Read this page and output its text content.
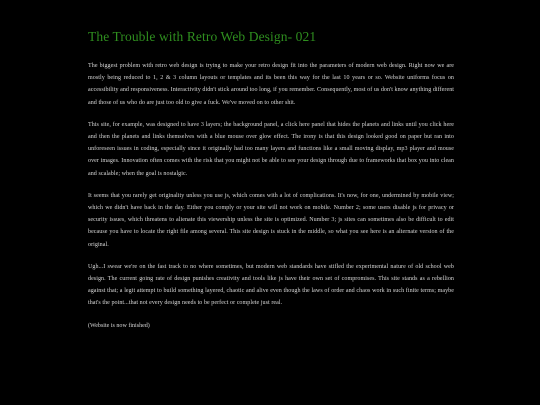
The Trouble with Retro Web Design- 021

The biggest problem with retro web design is trying to make your retro design fit into the parameters of modern web design. Right now we are mostly being reduced to 1, 2 & 3 column layouts or templates and its been this way for the last 10 years or so. Website uniforms focus on accessibility and responsiveness. Interactivity didn't stick around too long, if you remember. Consequently, most of us don't know anything different and those of us who do are just too old to give a fuck. We've moved on to other shit.

This site, for example, was designed to have 3 layers; the background panel, a click here panel that hides the planets and links until you click here and then the planets and links themselves with a blue mouse over glow effect. The irony is that this design looked good on paper but ran into unforeseen issues in coding, especially since it originally had too many layers and functions like a small moving display, mp3 player and mouse over images. Innovation often comes with the risk that you might not be able to see your design through due to frameworks that box you into clean and scalable; when the goal is nostalgic.

It seems that you rarely get originality unless you use js, which comes with a lot of complications. It's now, for one, undermined by mobile view; which we didn't have back in the day. Either you comply or your site will not work on mobile. Number 2; some users disable js for privacy or security issues, which threatens to alienate this viewership unless the site is optimized. Number 3; js sites can sometimes also be difficult to edit because you have to locate the right file among several. This site design is stuck in the middle, so what you see here is an alternate version of the original.

Ugh...I swear we're on the fast track to no where sometimes, but modern web standards have stifled the experimental nature of old school web design. The current going rate of design punishes creativity and tools like js have their own set of compromises. This site stands as a rebellion against that; a legit attempt to build something layered, chaotic and alive even though the laws of order and chaos work in such finite terms; maybe that's the point...that not every design needs to be perfect or complete just real.

(Website is now finished)
